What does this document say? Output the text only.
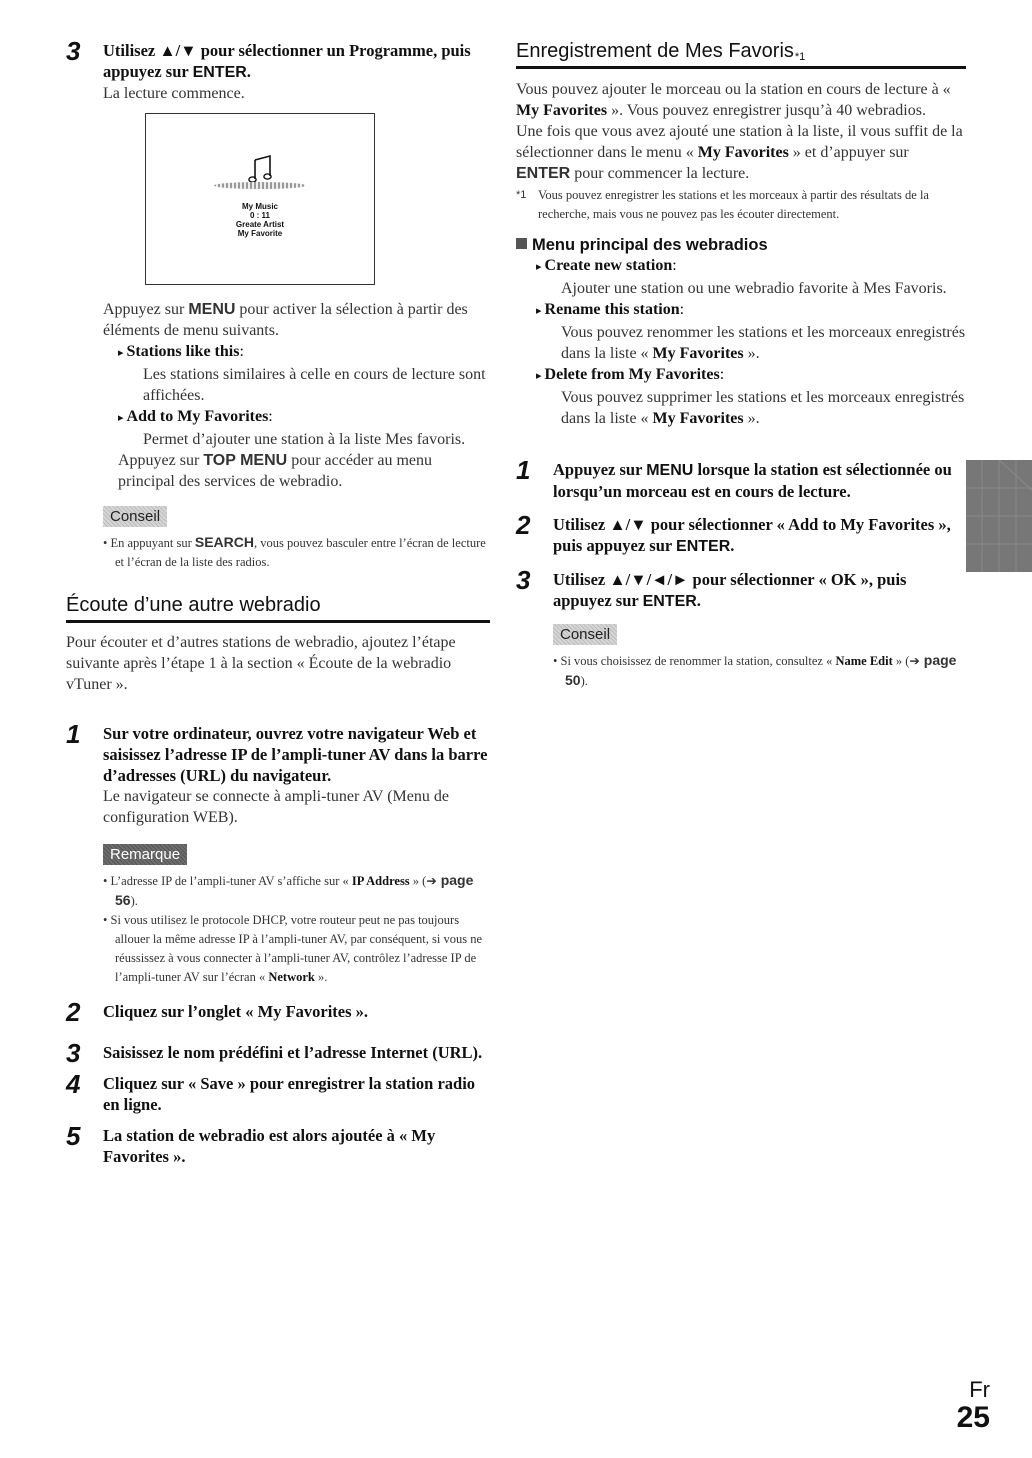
3 Utilisez ▲/▼ pour sélectionner un Programme, puis appuyez sur ENTER.

La lecture commence.

My Music
0 : 11
Greate Artist
My Favorite

Appuyez sur MENU pour activer la sélection à partir des éléments de menu suivants.

▸ Stations like this:

Les stations similaires à celle en cours de lecture sont affichées.

▸ Add to My Favorites:

Permet d’ajouter une station à la liste Mes favoris.

Appuyez sur TOP MENU pour accéder au menu principal des services de webradio.

Conseil

• En appuyant sur SEARCH, vous pouvez basculer entre l’écran de lecture et l’écran de la liste des radios.

Écoute d’une autre webradio

Pour écouter et d’autres stations de webradio, ajoutez l’étape suivante après l’étape 1 à la section « Écoute de la webradio vTuner ».

1 Sur votre ordinateur, ouvrez votre navigateur Web et saisissez l’adresse IP de l’ampli-tuner AV dans la barre d’adresses (URL) du navigateur.

Le navigateur se connecte à ampli-tuner AV (Menu de configuration WEB).

Remarque

• L’adresse IP de l’ampli-tuner AV s’affiche sur « IP Address » (➔ page 56).

• Si vous utilisez le protocole DHCP, votre routeur peut ne pas toujours allouer la même adresse IP à l’ampli-tuner AV, par conséquent, si vous ne réussissez à vous connecter à l’ampli-tuner AV, contrôlez l’adresse IP de l’ampli-tuner AV sur l’écran « Network ».

2 Cliquez sur l’onglet « My Favorites ».
3 Saisissez le nom prédéfini et l’adresse Internet (URL).
4 Cliquez sur « Save » pour enregistrer la station radio en ligne.
5 La station de webradio est alors ajoutée à « My Favorites ».
Enregistrement de Mes Favoris$^{*1}$

Vous pouvez ajouter le morceau ou la station en cours de lecture à « My Favorites ». Vous pouvez enregistrer jusqu’à 40 webradios.

Une fois que vous avez ajouté une station à la liste, il vous suffit de la sélectionner dans le menu « My Favorites » et d’appuyer sur ENTER pour commencer la lecture.

*1 Vous pouvez enregistrer les stations et les morceaux à partir des résultats de la recherche, mais vous ne pouvez pas les écouter directement.

Menu principal des webradios

▸ Create new station:

Ajouter une station ou une webradio favorite à Mes Favoris.

▸ Rename this station:

Vous pouvez renommer les stations et les morceaux enregistrés dans la liste « My Favorites ».

▸ Delete from My Favorites:

Vous pouvez supprimer les stations et les morceaux enregistrés dans la liste « My Favorites ».

1 Appuyez sur MENU lorsque la station est sélectionnée ou lorsqu’un morceau est en cours de lecture.
2 Utilisez ▲/▼ pour sélectionner « Add to My Favorites », puis appuyez sur ENTER.
3 Utilisez ▲/▼/◄/► pour sélectionner « OK », puis appuyez sur ENTER.
Conseil

• Si vous choisissez de renommer la station, consultez « Name Edit » (➔ page 50).

Fr
25
